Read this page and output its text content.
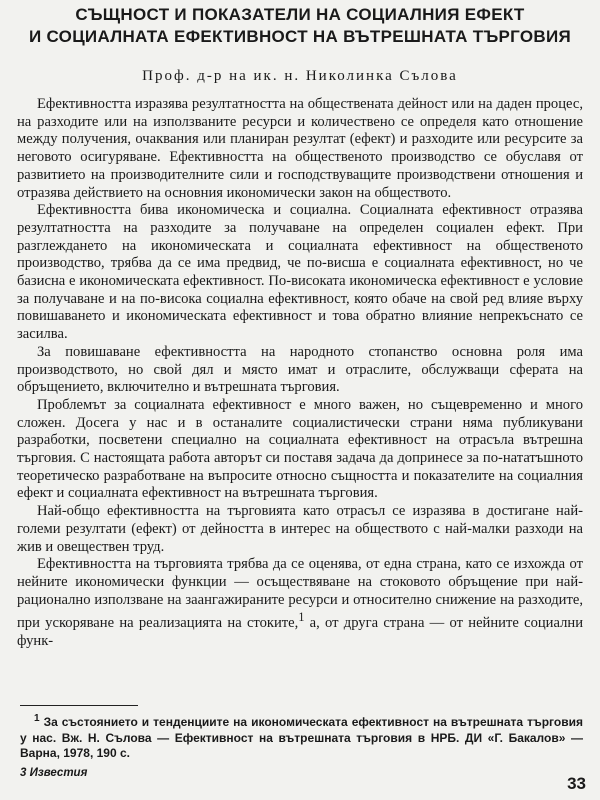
СЪЩНОСТ И ПОКАЗАТЕЛИ НА СОЦИАЛНИЯ ЕФЕКТ
И СОЦИАЛНАТА ЕФЕКТИВНОСТ НА ВЪТРЕШНАТА ТЪРГОВИЯ
Проф. д-р на ик. н. Николинка Сълова

Ефективността изразява резултатността на обществената дейност или на даден процес, на разходите или на използваните ресурси и количествено се определя като отношение между получения, очаквания или планиран резултат (ефект) и разходите или ресурсите за неговото осигуряване. Ефективността на общественото производство се обуславя от развитието на производителните сили и господствуващите производствени отношения и отразява действието на основния икономически закон на обществото.

Ефективността бива икономическа и социална. Социалната ефективност отразява резултатността на разходите за получаване на определен социален ефект. При разглеждането на икономическата и социалната ефективност на общественото производство, трябва да се има предвид, че по-висша е социалната ефективност, но че базисна е икономическата ефективност. По-високата икономическа ефективност е условие за получаване и на по-висока социална ефективност, която обаче на свой ред влияе върху повишаването и икономическата ефективност и това обратно влияние непрекъснато се засилва.

За повишаване ефективността на народното стопанство основна роля има производството, но свой дял и място имат и отраслите, обслужващи сферата на обръщението, включително и вътрешната търговия.

Проблемът за социалната ефективност е много важен, но същевременно и много сложен. Досега у нас и в останалите социалистически страни няма публикувани разработки, посветени специално на социалната ефективност на отрасъла вътрешна търговия. С настоящата работа авторът си поставя задача да допринесе за по-нататъшното теоретическо разработване на въпросите относно същността и показателите на социалния ефект и социалната ефективност на вътрешната търговия.

Най-общо ефективността на търговията като отрасъл се изразява в достигане най-големи резултати (ефект) от дейността в интерес на обществото с най-малки разходи на жив и овеществен труд.

Ефективността на търговията трябва да се оценява, от една страна, като се изхожда от нейните икономически функции — осъществяване на стоковото обръщение при най-рационално използване на заангажираните ресурси и относително снижение на разходите, при ускоряване на реализацията на стоките,$^1$ а, от друга страна — от нейните социални функ-

$^1$ За състоянието и тенденциите на икономическата ефективност на вътрешната търговия у нас. Вж. Н. Сълова — Ефективност на вътрешната търговия в НРБ. ДИ «Г. Бакалов» — Варна, 1978, 190 с.
3 Известия
33
